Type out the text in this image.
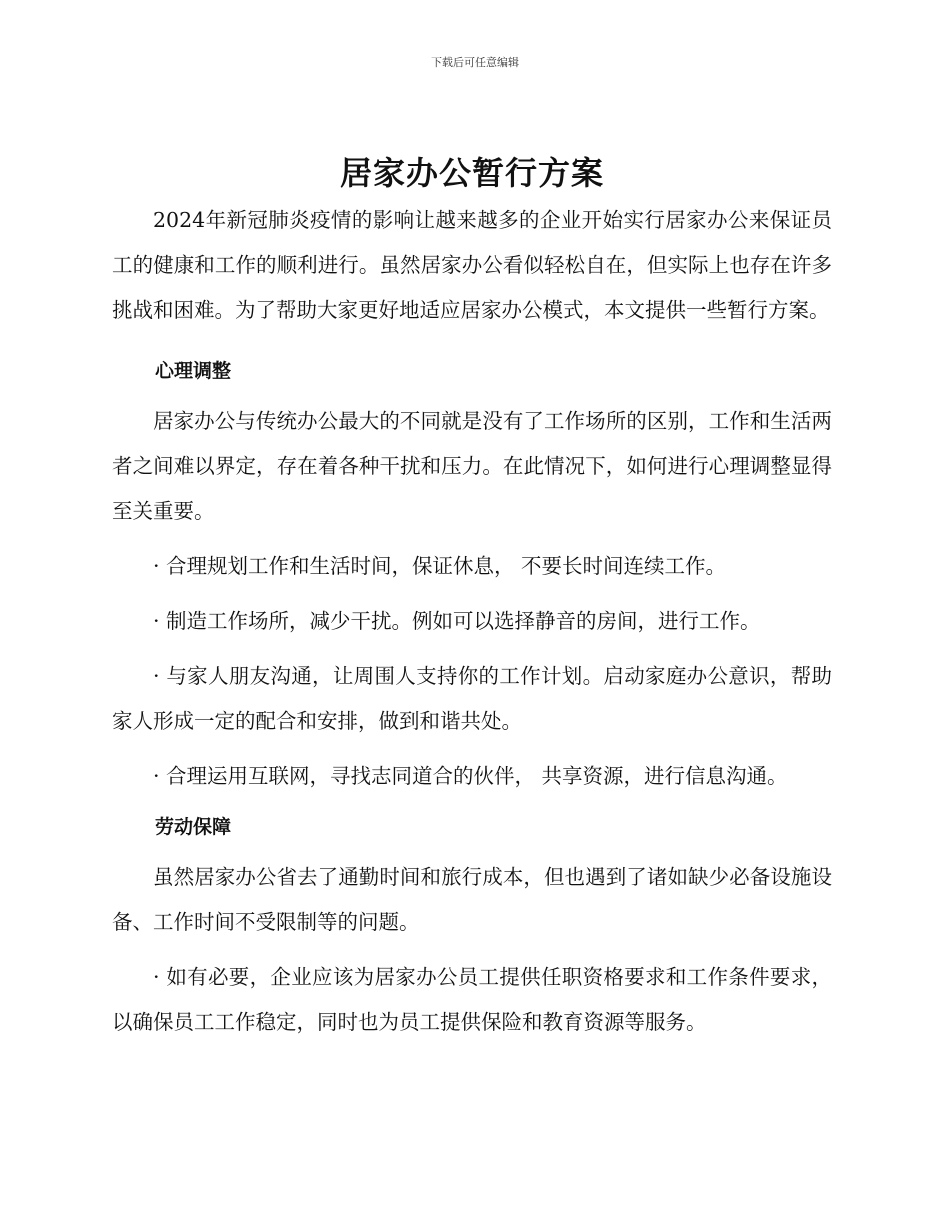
下载后可任意编辑
居家办公暂行方案

2024年新冠肺炎疫情的影响让越来越多的企业开始实行居家办公来保证员工的健康和工作的顺利进行。虽然居家办公看似轻松自在，但实际上也存在许多挑战和困难。为了帮助大家更好地适应居家办公模式，本文提供一些暂行方案。

心理调整

居家办公与传统办公最大的不同就是没有了工作场所的区别，工作和生活两者之间难以界定，存在着各种干扰和压力。在此情况下，如何进行心理调整显得至关重要。

· 合理规划工作和生活时间，保证休息， 不要长时间连续工作。

· 制造工作场所，减少干扰。例如可以选择静音的房间，进行工作。

· 与家人朋友沟通，让周围人支持你的工作计划。启动家庭办公意识，帮助家人形成一定的配合和安排，做到和谐共处。

· 合理运用互联网，寻找志同道合的伙伴， 共享资源，进行信息沟通。

劳动保障

虽然居家办公省去了通勤时间和旅行成本，但也遇到了诸如缺少必备设施设备、工作时间不受限制等的问题。

· 如有必要，企业应该为居家办公员工提供任职资格要求和工作条件要求，以确保员工工作稳定，同时也为员工提供保险和教育资源等服务。
